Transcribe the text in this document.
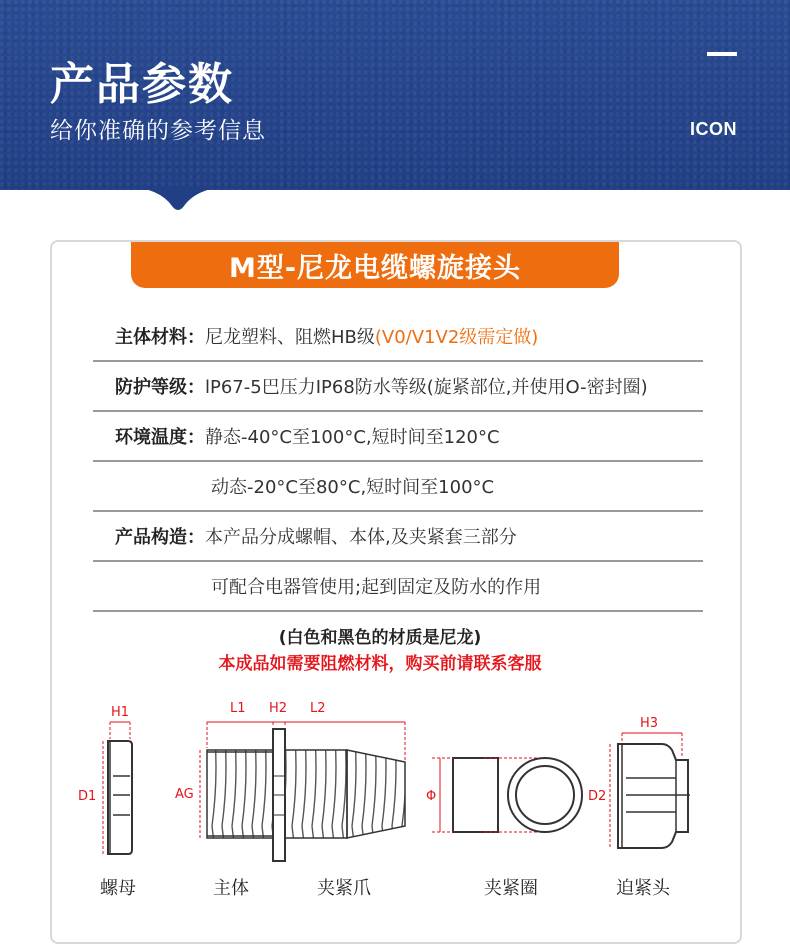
产品参数

给你准确的参考信息	ICON
M型-尼龙电缆螺旋接头
主体材料： 尼龙塑料、阻燃HB级 (V0/V1V2级需定做)
防护等级： lP67-5巴压力IP68防水等级(旋紧部位,并使用O-密封圈)
环境温度： 静态-40°C至100°C,短时间至120°C
动态-20°C至80°C,短时间至100°C
产品构造： 本产品分成螺帽、本体,及夹紧套三部分
可配合电器管使用;起到固定及防水的作用
(白色和黑色的材质是尼龙)
本成品如需要阻燃材料，购买前请联系客服
H1
D1	AG
L1 H2 L2
Φ
H3
D2
螺母	主体	夹紧爪	夹紧圈	迫紧头
